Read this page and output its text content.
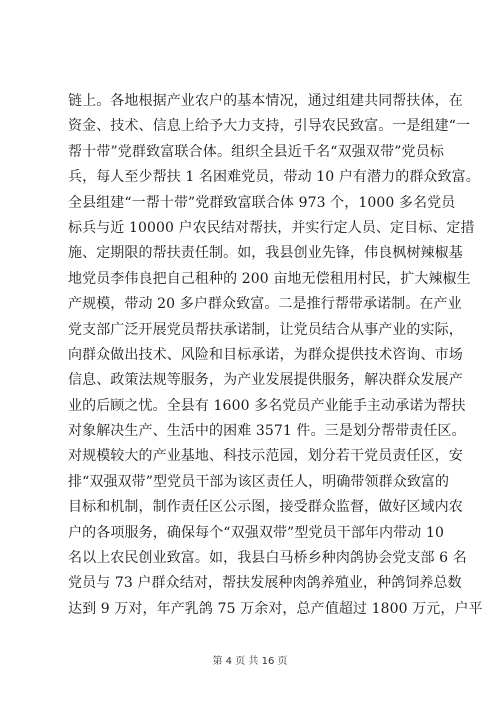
链上。各地根据产业农户的基本情况，通过组建共同帮扶体，在
资金、技术、信息上给予大力支持，引导农民致富。一是组建“一
帮十带”党群致富联合体。组织全县近千名“双强双带”党员标
兵，每人至少帮扶 1 名困难党员，带动 10 户有潜力的群众致富。
全县组建“一帮十带”党群致富联合体 973 个，1000 多名党员
标兵与近 10000 户农民结对帮扶，并实行定人员、定目标、定措
施、定期限的帮扶责任制。如，我县创业先锋，伟良枫树辣椒基
地党员李伟良把自己租种的 200 亩地无偿租用村民，扩大辣椒生
产规模，带动 20 多户群众致富。二是推行帮带承诺制。在产业
党支部广泛开展党员帮扶承诺制，让党员结合从事产业的实际，
向群众做出技术、风险和目标承诺，为群众提供技术咨询、市场
信息、政策法规等服务，为产业发展提供服务，解决群众发展产
业的后顾之忧。全县有 1600 多名党员产业能手主动承诺为帮扶
对象解决生产、生活中的困难 3571 件。三是划分帮带责任区。
对规模较大的产业基地、科技示范园，划分若干党员责任区，安
排“双强双带”型党员干部为该区责任人，明确带领群众致富的
目标和机制，制作责任区公示图，接受群众监督，做好区域内农
户的各项服务，确保每个“双强双带”型党员干部年内带动 10
名以上农民创业致富。如，我县白马桥乡种肉鸽协会党支部 6 名
党员与 73 户群众结对，帮扶发展种肉鸽养殖业，种鸽饲养总数
达到 9 万对，年产乳鸽 75 万余对，总产值超过 1800 万元，户平
第 4 页 共 16 页
